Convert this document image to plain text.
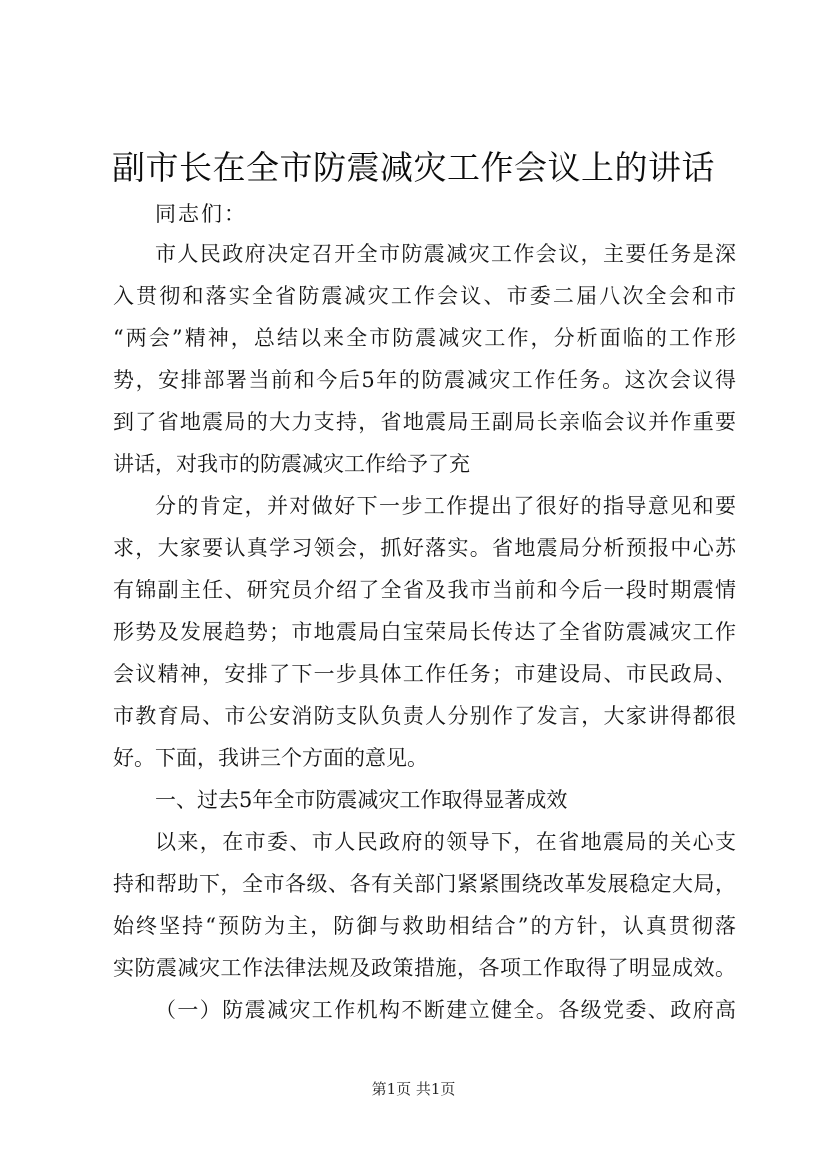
副市长在全市防震减灾工作会议上的讲话
同志们：
市人民政府决定召开全市防震减灾工作会议，主要任务是深
入贯彻和落实全省防震减灾工作会议、市委二届八次全会和市
“两会”精神，总结以来全市防震减灾工作，分析面临的工作形
势，安排部署当前和今后5年的防震减灾工作任务。这次会议得
到了省地震局的大力支持，省地震局王副局长亲临会议并作重要
讲话，对我市的防震减灾工作给予了充
分的肯定，并对做好下一步工作提出了很好的指导意见和要
求，大家要认真学习领会，抓好落实。省地震局分析预报中心苏
有锦副主任、研究员介绍了全省及我市当前和今后一段时期震情
形势及发展趋势；市地震局白宝荣局长传达了全省防震减灾工作
会议精神，安排了下一步具体工作任务；市建设局、市民政局、
市教育局、市公安消防支队负责人分别作了发言，大家讲得都很
好。下面，我讲三个方面的意见。
一、过去5年全市防震减灾工作取得显著成效
以来，在市委、市人民政府的领导下，在省地震局的关心支
持和帮助下，全市各级、各有关部门紧紧围绕改革发展稳定大局，
始终坚持“预防为主，防御与救助相结合”的方针，认真贯彻落
实防震减灾工作法律法规及政策措施，各项工作取得了明显成效。
（一）防震减灾工作机构不断建立健全。各级党委、政府高
第1页 共1页
